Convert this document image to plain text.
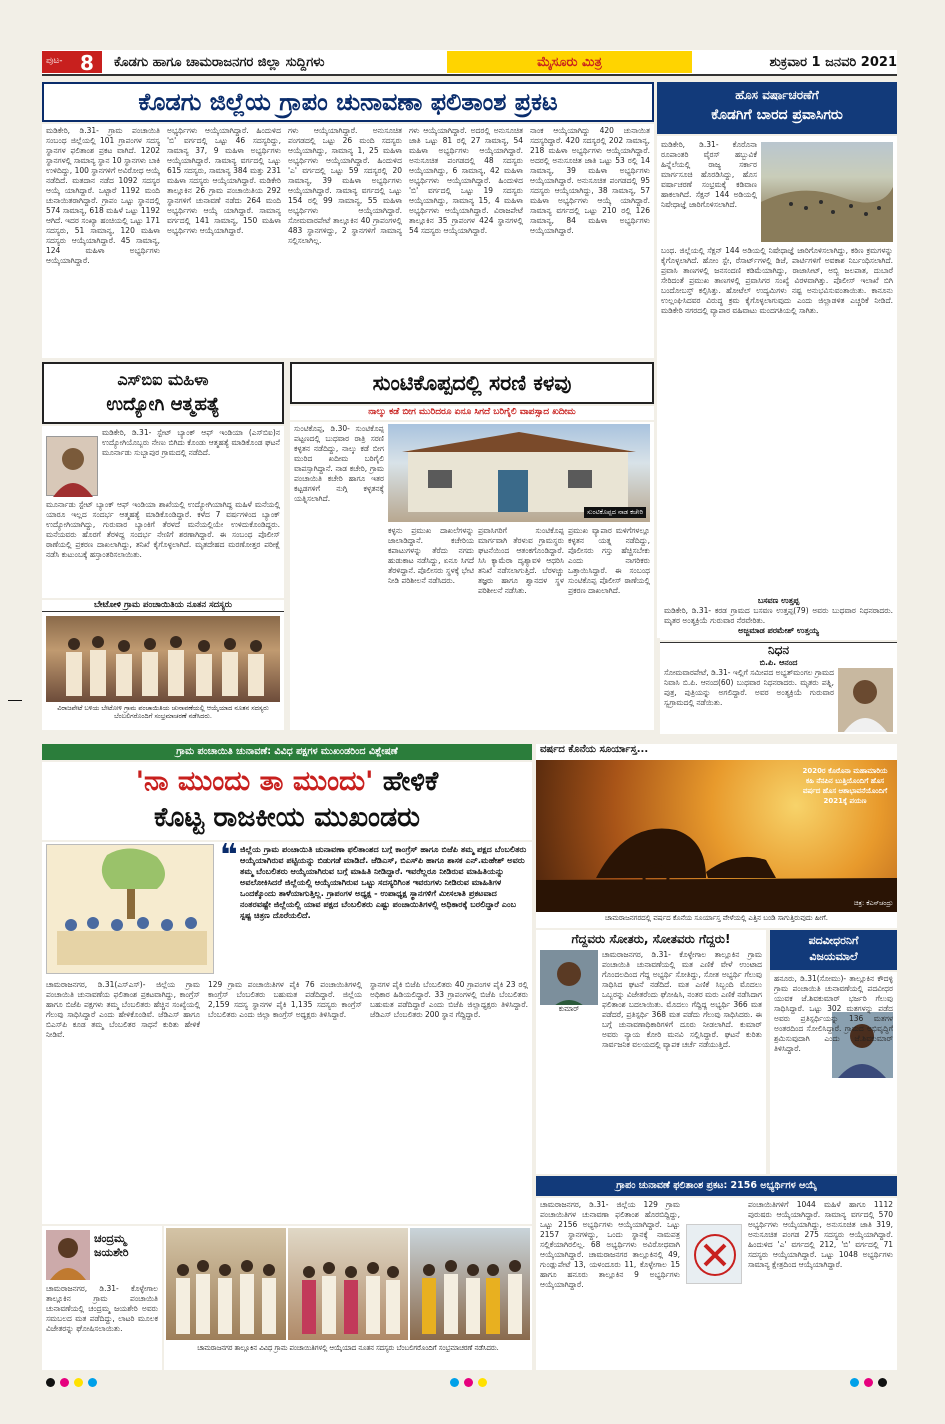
ಪುಟ- 8 ಕೊಡಗು ಹಾಗೂ ಚಾಮರಾಜನಗರ ಜಿಲ್ಲಾ ಸುದ್ದಿಗಳು	ಮೈಸೂರು ಮಿತ್ರ	ಶುಕ್ರವಾರ 1 ಜನವರಿ 2021
ಕೊಡಗು ಜಿಲ್ಲೆಯ ಗ್ರಾಪಂ ಚುನಾವಣಾ ಫಲಿತಾಂಶ ಪ್ರಕಟ

ಮಡಿಕೇರಿ, ಡಿ.31- ಗ್ರಾಮ ಪಂಚಾಯಿತಿ ಸಂಬಂಧ ಜಿಲ್ಲೆಯಲ್ಲಿ 101 ಗ್ರಾಪಂಗಳ ಸದಸ್ಯ ಸ್ಥಾನಗಳ ಫಲಿತಾಂಶ ಪ್ರಕಟ ವಾಗಿದೆ. 1202 ಸ್ಥಾನಗಳಲ್ಲಿ ಸಾಮಾನ್ಯ ಸ್ಥಾನ 10 ಸ್ಥಾನಗಳು ಬಾಕಿ ಉಳಿದಿದ್ದು, 100 ಸ್ಥಾನಗಳಿಗೆ ಅವಿರೋಧ ಆಯ್ಕೆ ನಡೆದಿದೆ. ಮತದಾನ ನಡೆದ 1092 ಸದಸ್ಯರ ಆಯ್ಕೆ ಯಾಗಿದ್ದಾರೆ. ಒಟ್ಟಾರೆ 1192 ಮಂದಿ ಚುನಾಯಿತರಾಗಿದ್ದಾರೆ. ಗ್ರಾಪಂ ಒಟ್ಟು ಸ್ಥಾನದಲ್ಲಿ 574 ಸಾಮಾನ್ಯ, 618 ಮಹಿಳೆ ಒಟ್ಟು 1192 ಆಗಿದೆ. ಇದರ ಸಂಖ್ಯಾ ಹಂಚಿಯಲ್ಲಿ ಒಟ್ಟು 171 ಸದಸ್ಯರು, 51 ಸಾಮಾನ್ಯ, 120 ಮಹಿಳಾ ಸದಸ್ಯರು ಆಯ್ಕೆಯಾಗಿದ್ದಾರೆ. 45 ಸಾಮಾನ್ಯ, 124 ಮಹಿಳಾ ಅಭ್ಯರ್ಥಿಗಳು ಆಯ್ಕೆಯಾಗಿದ್ದಾರೆ.

ಅಭ್ಯರ್ಥಿಗಳು ಆಯ್ಕೆಯಾಗಿದ್ದಾರೆ. ಹಿಂದುಳಿದ 'ಬಿ' ವರ್ಗದಲ್ಲಿ ಒಟ್ಟು 46 ಸದಸ್ಯರಿದ್ದು, ಸಾಮಾನ್ಯ 37, 9 ಮಹಿಳಾ ಅಭ್ಯರ್ಥಿಗಳು ಆಯ್ಕೆಯಾಗಿದ್ದಾರೆ. ಸಾಮಾನ್ಯ ವರ್ಗದಲ್ಲಿ ಒಟ್ಟು 615 ಸದಸ್ಯರು, ಸಾಮಾನ್ಯ 384 ಮತ್ತು 231 ಮಹಿಳಾ ಸದಸ್ಯರು ಆಯ್ಕೆಯಾಗಿದ್ದಾರೆ. ಮಡಿಕೇರಿ ತಾಲ್ಲೂಕಿನ 26 ಗ್ರಾಮ ಪಂಚಾಯಿತಿಯ 292 ಸ್ಥಾನಗಳಿಗೆ ಚುನಾವಣೆ ನಡೆದು 264 ಮಂದಿ ಅಭ್ಯರ್ಥಿಗಳು ಆಯ್ಕೆ ಯಾಗಿದ್ದಾರೆ. ಸಾಮಾನ್ಯ ವರ್ಗದಲ್ಲಿ 141 ಸಾಮಾನ್ಯ, 150 ಮಹಿಳಾ ಅಭ್ಯರ್ಥಿಗಳು ಆಯ್ಕೆಯಾಗಿದ್ದಾರೆ.

ಗಳು ಆಯ್ಕೆಯಾಗಿದ್ದಾರೆ. ಅನುಸೂಚಿತ ಪಂಗಡದಲ್ಲಿ ಒಟ್ಟು 26 ಮಂದಿ ಸದಸ್ಯರು ಆಯ್ಕೆಯಾಗಿದ್ದು, ಸಾಮಾನ್ಯ 1, 25 ಮಹಿಳಾ ಅಭ್ಯರ್ಥಿಗಳು ಆಯ್ಕೆಯಾಗಿದ್ದಾರೆ. ಹಿಂದುಳಿದ 'ಎ' ವರ್ಗದಲ್ಲಿ ಒಟ್ಟು 59 ಸದಸ್ಯರಲ್ಲಿ 20 ಸಾಮಾನ್ಯ, 39 ಮಹಿಳಾ ಅಭ್ಯರ್ಥಿಗಳು ಆಯ್ಕೆಯಾಗಿದ್ದಾರೆ. ಸಾಮಾನ್ಯ ವರ್ಗದಲ್ಲಿ ಒಟ್ಟು 154 ರಲ್ಲಿ 99 ಸಾಮಾನ್ಯ, 55 ಮಹಿಳಾ ಅಭ್ಯರ್ಥಿಗಳು ಆಯ್ಕೆಯಾಗಿದ್ದಾರೆ. ಸೋಮವಾರಪೇಟೆ ತಾಲ್ಲೂಕಿನ 40 ಗ್ರಾಪಂಗಳಲ್ಲಿ 483 ಸ್ಥಾನಗಳಿದ್ದು, 2 ಸ್ಥಾನಗಳಿಗೆ ಸಾಮಾನ್ಯ ಸಲ್ಲಿಸಲಾಗಿಲ್ಲ.

ಗಳು ಆಯ್ಕೆಯಾಗಿದ್ದಾರೆ. ಅದರಲ್ಲಿ ಅನುಸೂಚಿತ ಜಾತಿ ಒಟ್ಟು 81 ರಲ್ಲಿ 27 ಸಾಮಾನ್ಯ, 54 ಮಹಿಳಾ ಅಭ್ಯರ್ಥಿಗಳು ಆಯ್ಕೆಯಾಗಿದ್ದಾರೆ. ಅನುಸೂಚಿತ ಪಂಗಡದಲ್ಲಿ 48 ಸದಸ್ಯರು ಆಯ್ಕೆಯಾಗಿದ್ದು, 6 ಸಾಮಾನ್ಯ, 42 ಮಹಿಳಾ ಅಭ್ಯರ್ಥಿಗಳು ಆಯ್ಕೆಯಾಗಿದ್ದಾರೆ. ಹಿಂದುಳಿದ 'ಬಿ' ವರ್ಗದಲ್ಲಿ ಒಟ್ಟು 19 ಸದಸ್ಯರು ಆಯ್ಕೆಯಾಗಿದ್ದು, ಸಾಮಾನ್ಯ 15, 4 ಮಹಿಳಾ ಅಭ್ಯರ್ಥಿಗಳು ಆಯ್ಕೆಯಾಗಿದ್ದಾರೆ. ವಿರಾಜಪೇಟೆ ತಾಲ್ಲೂಕಿನ 35 ಗ್ರಾಪಂಗಳ 424 ಸ್ಥಾನಗಳಲ್ಲಿ 54 ಸದಸ್ಯರು ಆಯ್ಕೆಯಾಗಿದ್ದಾರೆ.

ನಾಂಕ ಆಯ್ಕೆಯಾಗಿದ್ದು 420 ಚುನಾಯಿತ ಸದಸ್ಯರಿದ್ದಾರೆ. 420 ಸದಸ್ಯರಲ್ಲಿ 202 ಸಾಮಾನ್ಯ, 218 ಮಹಿಳಾ ಅಭ್ಯರ್ಥಿಗಳು ಆಯ್ಕೆಯಾಗಿದ್ದಾರೆ. ಅದರಲ್ಲಿ ಅನುಸೂಚಿತ ಜಾತಿ ಒಟ್ಟು 53 ರಲ್ಲಿ 14 ಸಾಮಾನ್ಯ, 39 ಮಹಿಳಾ ಅಭ್ಯರ್ಥಿಗಳು ಆಯ್ಕೆಯಾಗಿದ್ದಾರೆ. ಅನುಸೂಚಿತ ಪಂಗಡದಲ್ಲಿ 95 ಸದಸ್ಯರು ಆಯ್ಕೆಯಾಗಿದ್ದು, 38 ಸಾಮಾನ್ಯ, 57 ಮಹಿಳಾ ಅಭ್ಯರ್ಥಿಗಳು ಆಯ್ಕೆ ಯಾಗಿದ್ದಾರೆ. ಸಾಮಾನ್ಯ ವರ್ಗದಲ್ಲಿ ಒಟ್ಟು 210 ರಲ್ಲಿ 126 ಸಾಮಾನ್ಯ, 84 ಮಹಿಳಾ ಅಭ್ಯರ್ಥಿಗಳು ಆಯ್ಕೆಯಾಗಿದ್ದಾರೆ.

ಹೊಸ ವರ್ಷಾಚರಣೆಗೆ
ಕೊಡಗಿಗೆ ಬಾರದ ಪ್ರವಾಸಿಗರು

ಮಡಿಕೇರಿ, ಡಿ.31- ಕೊರೊನಾ ರೂಪಾಂತರಿ ವೈರಸ್ ಹಬ್ಬುವಿಕೆ ಹಿನ್ನೆಲೆಯಲ್ಲಿ ರಾಜ್ಯ ಸರ್ಕಾರ ಮಾರ್ಗಸೂಚಿ ಹೊರಡಿಸಿದ್ದು, ಹೊಸ ವರ್ಷಾಚರಣೆ ಸಂಭ್ರಮಕ್ಕೆ ಕಡಿವಾಣ ಹಾಕಲಾಗಿದೆ. ಸೆಕ್ಷನ್ 144 ಅಡಿಯಲ್ಲಿ ನಿಷೇಧಾಜ್ಞೆ ಜಾರಿಗೊಳಿಸಲಾಗಿದೆ.

ಬಂಧ. ಜಿಲ್ಲೆಯಲ್ಲಿ ಸೆಕ್ಷನ್ 144 ಅಡಿಯಲ್ಲಿ ನಿಷೇಧಾಜ್ಞೆ ಜಾರಿಗೊಳಿಸಲಾಗಿದ್ದು, ಕಠಿಣ ಕ್ರಮಗಳನ್ನು ಕೈಗೊಳ್ಳಲಾಗಿದೆ. ಹೋಂ ಸ್ಟೇ, ರೆಸಾರ್ಟ್‌ಗಳಲ್ಲಿ ಡಿಜೆ, ಪಾರ್ಟಿಗಳಿಗೆ ಅವಕಾಶ ನಿರ್ಬಂಧಿಸಲಾಗಿದೆ. ಪ್ರವಾಸಿ ತಾಣಗಳಲ್ಲಿ ಜನಸಂದಣಿ ಕಡಿಮೆಯಾಗಿದ್ದು, ರಾಜಾಸೀಟ್, ಅಬ್ಬಿ ಜಲಪಾತ, ದುಬಾರೆ ಸೇರಿದಂತೆ ಪ್ರಮುಖ ತಾಣಗಳಲ್ಲಿ ಪ್ರವಾಸಿಗರ ಸಂಖ್ಯೆ ವಿರಳವಾಗಿತ್ತು. ಪೊಲೀಸ್ ಇಲಾಖೆ ಬಿಗಿ ಬಂದೋಬಸ್ತ್ ಕಲ್ಪಿಸಿತ್ತು. ಹೋಟೆಲ್ ಉದ್ಯಮಿಗಳು ನಷ್ಟ ಅನುಭವಿಸುವಂತಾಯಿತು. ಕಾನೂನು ಉಲ್ಲಂಘಿಸಿದವರ ವಿರುದ್ಧ ಕ್ರಮ ಕೈಗೊಳ್ಳಲಾಗುವುದು ಎಂದು ಜಿಲ್ಲಾಡಳಿತ ಎಚ್ಚರಿಕೆ ನೀಡಿದೆ. ಮಡಿಕೇರಿ ನಗರದಲ್ಲಿ ವ್ಯಾಪಾರ ವಹಿವಾಟು ಮಂದಗತಿಯಲ್ಲಿ ಸಾಗಿತು.

ಎಸ್‌ಬಿಐ ಮಹಿಳಾ
ಉದ್ಯೋಗಿ ಆತ್ಮಹತ್ಯೆ

ಮಡಿಕೇರಿ, ಡಿ.31- ಸ್ಟೇಟ್ ಬ್ಯಾಂಕ್ ಆಫ್ ಇಂಡಿಯಾ (ಎಸ್‌ಬಿಐ)ನ ಉದ್ಯೋಗಿಯೊಬ್ಬರು ನೇಣು ಬಿಗಿದು ಕೊಂಡು ಆತ್ಮಹತ್ಯೆ ಮಾಡಿಕೊಂಡ ಘಟನೆ ಮೂರ್ನಾಡು ಸುಬ್ಬಾಪುರ ಗ್ರಾಮದಲ್ಲಿ ನಡೆದಿದೆ.

ಮೂರ್ನಾಡು ಸ್ಟೇಟ್ ಬ್ಯಾಂಕ್ ಆಫ್ ಇಂಡಿಯಾ ಶಾಖೆಯಲ್ಲಿ ಉದ್ಯೋಗಿಯಾಗಿದ್ದ ಮಹಿಳೆ ಮನೆಯಲ್ಲಿ ಯಾರೂ ಇಲ್ಲದ ಸಂದರ್ಭ ಆತ್ಮಹತ್ಯೆ ಮಾಡಿಕೊಂಡಿದ್ದಾರೆ. ಕಳೆದ 7 ವರ್ಷಗಳಿಂದ ಬ್ಯಾಂಕ್ ಉದ್ಯೋಗಿಯಾಗಿದ್ದು, ಗುರುವಾರ ಬ್ಯಾಂಕಿಗೆ ತೆರಳದೆ ಮನೆಯಲ್ಲಿಯೇ ಉಳಿದುಕೊಂಡಿದ್ದರು. ಮನೆಯವರು ಹೊರಗೆ ತೆರಳಿದ್ದ ಸಂದರ್ಭ ನೇಣಿಗೆ ಶರಣಾಗಿದ್ದಾರೆ. ಈ ಸಂಬಂಧ ಪೊಲೀಸ್ ಠಾಣೆಯಲ್ಲಿ ಪ್ರಕರಣ ದಾಖಲಾಗಿದ್ದು, ತನಿಖೆ ಕೈಗೊಳ್ಳಲಾಗಿದೆ. ಮೃತದೇಹದ ಮರಣೋತ್ತರ ಪರೀಕ್ಷೆ ನಡೆಸಿ ಕುಟುಂಬಕ್ಕೆ ಹಸ್ತಾಂತರಿಸಲಾಯಿತು.

ಬೇಟೋಳಿ ಗ್ರಾಮ ಪಂಚಾಯಿತಿಯ ನೂತನ ಸದಸ್ಯರು
ವಿರಾಜಪೇಟೆ ಬಳಿಯ ಬೇಟೋಳಿ ಗ್ರಾಮ ಪಂಚಾಯಿತಿಯ ಚುನಾವಣೆಯಲ್ಲಿ ಆಯ್ಕೆಯಾದ ನೂತನ ಸದಸ್ಯರು ಬೆಂಬಲಿಗರೊಂದಿಗೆ ಸಂಭ್ರಮಾಚರಣೆ ನಡೆಸಿದರು.
ಸುಂಟಿಕೊಪ್ಪದಲ್ಲಿ ಸರಣಿ ಕಳವು
ನಾಲ್ಕು ಕಡೆ ಬೀಗ ಮುರಿದರೂ ಏನೂ ಸಿಗದೆ ಬರಿಗೈಲಿ ವಾಪಸ್ಸಾದ ಖದೀಮ

ಸುಂಟಿಕೊಪ್ಪ, ಡಿ.30- ಸುಂಟಿಕೊಪ್ಪ ಪಟ್ಟಣದಲ್ಲಿ ಬುಧವಾರ ರಾತ್ರಿ ಸರಣಿ ಕಳ್ಳತನ ನಡೆದಿದ್ದು, ನಾಲ್ಕು ಕಡೆ ಬೀಗ ಮುರಿದ ಖದೀಮ ಬರಿಗೈಲಿ ವಾಪಸ್ಸಾಗಿದ್ದಾನೆ. ನಾಡ ಕಚೇರಿ, ಗ್ರಾಮ ಪಂಚಾಯಿತಿ ಕಚೇರಿ ಹಾಗೂ ಇತರ ಕಟ್ಟಡಗಳಿಗೆ ನುಗ್ಗಿ ಕಳ್ಳತನಕ್ಕೆ ಯತ್ನಿಸಲಾಗಿದೆ.

ಸುಂಟಿಕೊಪ್ಪದ ನಾಡ ಕಚೇರಿ

ಕಳ್ಳನು ಪ್ರಮುಖ ದಾಖಲೆಗಳನ್ನು ಜಾಲಾಡಿದ್ದಾನೆ. ಕಚೇರಿಯ ಕಪಾಟುಗಳನ್ನು ತೆರೆದು ನಗದು ಹುಡುಕಾಟ ನಡೆಸಿದ್ದು, ಏನೂ ಸಿಗದೆ ತೆರಳಿದ್ದಾನೆ. ಪೊಲೀಸರು ಸ್ಥಳಕ್ಕೆ ಭೇಟಿ ನೀಡಿ ಪರಿಶೀಲನೆ ನಡೆಸಿದರು.

ಪ್ರವಾಸಿಗರಿಗೆ ಸುಂಟಿಕೊಪ್ಪ ಮಾರ್ಗವಾಗಿ ತೆರಳುವ ಗ್ರಾಮಸ್ಥರು ಘಟನೆಯಿಂದ ಆತಂಕಗೊಂಡಿದ್ದಾರೆ. ಸಿಸಿ ಕ್ಯಾಮೆರಾ ದೃಶ್ಯಾವಳಿ ಆಧರಿಸಿ ತನಿಖೆ ನಡೆಸಲಾಗುತ್ತಿದೆ. ಬೆರಳಚ್ಚು ತಜ್ಞರು ಹಾಗೂ ಶ್ವಾನದಳ ಸ್ಥಳ ಪರಿಶೀಲನೆ ನಡೆಸಿತು.

ಪ್ರಮುಖ ವ್ಯಾಪಾರ ಮಳಿಗೆಗಳಲ್ಲೂ ಕಳ್ಳತನ ಯತ್ನ ನಡೆದಿದ್ದು, ಪೊಲೀಸರು ಗಸ್ತು ಹೆಚ್ಚಿಸಬೇಕು ಎಂದು ನಾಗರಿಕರು ಒತ್ತಾಯಿಸಿದ್ದಾರೆ. ಈ ಸಂಬಂಧ ಸುಂಟಿಕೊಪ್ಪ ಪೊಲೀಸ್ ಠಾಣೆಯಲ್ಲಿ ಪ್ರಕರಣ ದಾಖಲಾಗಿದೆ.

ನಿಧನ
ಬಿ.ಪಿ. ಆನಂದ

ಸೋಮವಾರಪೇಟೆ, ಡಿ.31- ಇಲ್ಲಿಗೆ ಸಮೀಪದ ಅಭ್ಯತ್‌ಮಂಗಲ ಗ್ರಾಮದ ನಿವಾಸಿ ಬಿ.ಪಿ. ಆನಂದ(60) ಬುಧವಾರ ನಿಧನರಾದರು. ಮೃತರು ಪತ್ನಿ, ಪುತ್ರ, ಪುತ್ರಿಯನ್ನು ಅಗಲಿದ್ದಾರೆ. ಅವರ ಅಂತ್ಯಕ್ರಿಯೆ ಗುರುವಾರ ಸ್ವಗ್ರಾಮದಲ್ಲಿ ನಡೆಯಿತು.

ಬಸವಣ ಉತ್ತಪ್ಪ

ಮಡಿಕೇರಿ, ಡಿ.31- ಕರಡ ಗ್ರಾಮದ ಬಸವಣ ಉತ್ತಪ್ಪ(79) ಅವರು ಬುಧವಾರ ನಿಧನರಾದರು. ಮೃತರ ಅಂತ್ಯಕ್ರಿಯೆ ಗುರುವಾರ ನೆರವೇರಿತು.

ಅಜ್ಜಮಾಡ ಪರಮೇಶ್ ಉತ್ತಯ್ಯ
ಗ್ರಾಮ ಪಂಚಾಯಿತಿ ಚುನಾವಣೆ: ವಿವಿಧ ಪಕ್ಷಗಳ ಮುಖಂಡರಿಂದ ವಿಶ್ಲೇಷಣೆ
'ನಾ ಮುಂದು ತಾ ಮುಂದು' ಹೇಳಿಕೆ
ಕೊಟ್ಟ ರಾಜಕೀಯ ಮುಖಂಡರು
❝ ಜಿಲ್ಲೆಯ ಗ್ರಾಮ ಪಂಚಾಯಿತಿ ಚುನಾವಣಾ ಫಲಿತಾಂಶದ ಬಗ್ಗೆ ಕಾಂಗ್ರೆಸ್ ಹಾಗೂ ಬಿಜೆಪಿ ತಮ್ಮ ಪಕ್ಷದ ಬೆಂಬಲಿತರು ಆಯ್ಕೆಯಾಗಿರುವ ಪಟ್ಟಿಯನ್ನು ಬಿಡುಗಡೆ ಮಾಡಿದೆ. ಜೆಡಿಎಸ್, ಬಿಎಸ್‌ಪಿ ಹಾಗೂ ಶಾಸಕ ಎನ್.ಮಹೇಶ್ ಅವರು ತಮ್ಮ ಬೆಂಬಲಿತರು ಆಯ್ಕೆಯಾಗಿರುವ ಬಗ್ಗೆ ಮಾಹಿತಿ ನೀಡಿದ್ದಾರೆ. ಇವರೆಲ್ಲರೂ ನೀಡಿರುವ ಮಾಹಿತಿಯನ್ನು ಅವಲೋಕಿಸಿದರೆ ಜಿಲ್ಲೆಯಲ್ಲಿ ಆಯ್ಕೆಯಾಗಿರುವ ಒಟ್ಟು ಸದಸ್ಯರಿಗಿಂತ ಇವರುಗಳು ನೀಡಿರುವ ಮಾಹಿತಿಗಳ ಒಂದಕ್ಕೊಂದು ತಾಳೆಯಾಗುತ್ತಿಲ್ಲ. ಗ್ರಾಪಂಗಳ ಅಧ್ಯಕ್ಷ - ಉಪಾಧ್ಯಕ್ಷ ಸ್ಥಾನಗಳಿಗೆ ಮೀಸಲಾತಿ ಪ್ರಕಟವಾದ ನಂತರವಷ್ಟೇ ಜಿಲ್ಲೆಯಲ್ಲಿ ಯಾವ ಪಕ್ಷದ ಬೆಂಬಲಿತರು ಎಷ್ಟು ಪಂಚಾಯಿತಿಗಳಲ್ಲಿ ಅಧಿಕಾರಕ್ಕೆ ಬರಲಿದ್ದಾರೆ ಎಂಬ ಸ್ಪಷ್ಟ ಚಿತ್ರಣ ದೊರೆಯಲಿದೆ.

ಚಾಮರಾಜನಗರ, ಡಿ.31(ಎಸ್‌ಎಸ್)- ಜಿಲ್ಲೆಯ ಗ್ರಾಮ ಪಂಚಾಯಿತಿ ಚುನಾವಣೆಯ ಫಲಿತಾಂಶ ಪ್ರಕಟವಾಗಿದ್ದು, ಕಾಂಗ್ರೆಸ್ ಹಾಗೂ ಬಿಜೆಪಿ ಪಕ್ಷಗಳು ತಮ್ಮ ಬೆಂಬಲಿತರು ಹೆಚ್ಚಿನ ಸಂಖ್ಯೆಯಲ್ಲಿ ಗೆಲುವು ಸಾಧಿಸಿದ್ದಾರೆ ಎಂದು ಹೇಳಿಕೊಂಡಿವೆ. ಜೆಡಿಎಸ್ ಹಾಗೂ ಬಿಎಸ್‌ಪಿ ಕೂಡ ತಮ್ಮ ಬೆಂಬಲಿತರ ಸಾಧನೆ ಕುರಿತು ಹೇಳಿಕೆ ನೀಡಿವೆ.

129 ಗ್ರಾಮ ಪಂಚಾಯಿತಿಗಳ ಪೈಕಿ 76 ಪಂಚಾಯಿತಿಗಳಲ್ಲಿ ಕಾಂಗ್ರೆಸ್ ಬೆಂಬಲಿತರು ಬಹುಮತ ಪಡೆದಿದ್ದಾರೆ. ಜಿಲ್ಲೆಯ 2,159 ಸದಸ್ಯ ಸ್ಥಾನಗಳ ಪೈಕಿ 1,135 ಸದಸ್ಯರು ಕಾಂಗ್ರೆಸ್ ಬೆಂಬಲಿತರು ಎಂದು ಜಿಲ್ಲಾ ಕಾಂಗ್ರೆಸ್ ಅಧ್ಯಕ್ಷರು ತಿಳಿಸಿದ್ದಾರೆ.

ಸ್ಥಾನಗಳ ಪೈಕಿ ಬಿಜೆಪಿ ಬೆಂಬಲಿತರು 40 ಗ್ರಾಪಂಗಳ ಪೈಕಿ 23 ರಲ್ಲಿ ಅಧಿಕಾರ ಹಿಡಿಯಲಿದ್ದಾರೆ. 33 ಗ್ರಾಪಂಗಳಲ್ಲಿ ಬಿಜೆಪಿ ಬೆಂಬಲಿತರು ಬಹುಮತ ಪಡೆದಿದ್ದಾರೆ ಎಂದು ಬಿಜೆಪಿ ಜಿಲ್ಲಾಧ್ಯಕ್ಷರು ತಿಳಿಸಿದ್ದಾರೆ. ಜೆಡಿಎಸ್ ಬೆಂಬಲಿತರು 200 ಸ್ಥಾನ ಗೆದ್ದಿದ್ದಾರೆ.

ವರ್ಷದ ಕೊನೆಯ ಸೂರ್ಯಾಸ್ತ...
2020ರ ಕೊರೊನಾ ಮಹಾಮಾರಿಯ ಕಹಿ ನೆನಪಿನ ಬುತ್ತಿಯೊಂದಿಗೆ ಹೊಸ ವರ್ಷದ ಹೊಸ ಆಶಾಭಾವನೆಯೊಂದಿಗೆ 2021ಕ್ಕೆ ಪಯಣ
ಚಿತ್ರ: ಕೆಎಸ್‌ಚಂದ್ರು
ಚಾಮರಾಜನಗರದಲ್ಲಿ ವರ್ಷದ ಕೊನೆಯ ಸೂರ್ಯಾಸ್ತ ವೇಳೆಯಲ್ಲಿ ಎತ್ತಿನ ಬಂಡಿ ಸಾಗುತ್ತಿರುವುದು ಹೀಗೆ.
ಗೆದ್ದವರು ಸೋತರು, ಸೋತವರು ಗೆದ್ದರು!
ಕುಮಾರ್

ಚಾಮರಾಜನಗರ, ಡಿ.31- ಕೊಳ್ಳೇಗಾಲ ತಾಲ್ಲೂಕಿನ ಗ್ರಾಮ ಪಂಚಾಯಿತಿ ಚುನಾವಣೆಯಲ್ಲಿ ಮತ ಎಣಿಕೆ ವೇಳೆ ಉಂಟಾದ ಗೊಂದಲದಿಂದ ಗೆದ್ದ ಅಭ್ಯರ್ಥಿ ಸೋತಿದ್ದು, ಸೋತ ಅಭ್ಯರ್ಥಿ ಗೆಲುವು ಸಾಧಿಸಿದ ಘಟನೆ ನಡೆದಿದೆ. ಮತ ಎಣಿಕೆ ಸಿಬ್ಬಂದಿ ಮೊದಲು ಒಬ್ಬರನ್ನು ವಿಜೇತರೆಂದು ಘೋಷಿಸಿ, ನಂತರ ಮರು ಎಣಿಕೆ ನಡೆಸಿದಾಗ ಫಲಿತಾಂಶ ಬದಲಾಯಿತು. ಮೊದಲು ಗೆದ್ದಿದ್ದ ಅಭ್ಯರ್ಥಿ 366 ಮತ ಪಡೆದರೆ, ಪ್ರತಿಸ್ಪರ್ಧಿ 368 ಮತ ಪಡೆದು ಗೆಲುವು ಸಾಧಿಸಿದರು. ಈ ಬಗ್ಗೆ ಚುನಾವಣಾಧಿಕಾರಿಗಳಿಗೆ ದೂರು ನೀಡಲಾಗಿದೆ. ಕುಮಾರ್ ಅವರು ನ್ಯಾಯ ಕೋರಿ ಮನವಿ ಸಲ್ಲಿಸಿದ್ದಾರೆ. ಘಟನೆ ಕುರಿತು ಸಾರ್ವಜನಿಕ ವಲಯದಲ್ಲಿ ವ್ಯಾಪಕ ಚರ್ಚೆ ನಡೆಯುತ್ತಿದೆ.

ಪದವೀಧರನಿಗೆ
ವಿಜಯಮಾಲೆ

ಹನೂರು, ಡಿ.31(ಸೋಮು)- ತಾಲ್ಲೂಕಿನ ಕೌದಳ್ಳಿ ಗ್ರಾಮ ಪಂಚಾಯಿತಿ ಚುನಾವಣೆಯಲ್ಲಿ ಪದವೀಧರ ಯುವಕ ಜೆ.ಶಿವಕುಮಾರ್ ಭರ್ಜರಿ ಗೆಲುವು ಸಾಧಿಸಿದ್ದಾರೆ. ಒಟ್ಟು 302 ಮತಗಳನ್ನು ಪಡೆದ ಅವರು ಪ್ರತಿಸ್ಪರ್ಧಿಯನ್ನು 136 ಮತಗಳ ಅಂತರದಿಂದ ಸೋಲಿಸಿದ್ದಾರೆ. ಗ್ರಾಮದ ಅಭಿವೃದ್ಧಿಗೆ ಶ್ರಮಿಸುವುದಾಗಿ ಎಂದು ಜೆ.ಶಿವಕುಮಾರ್ ತಿಳಿಸಿದ್ದಾರೆ.

ಗ್ರಾಪಂ ಚುನಾವಣೆ ಫಲಿತಾಂಶ ಪ್ರಕಟ: 2156 ಅಭ್ಯರ್ಥಿಗಳ ಆಯ್ಕೆ

ಚಾಮರಾಜನಗರ, ಡಿ.31- ಜಿಲ್ಲೆಯ 129 ಗ್ರಾಮ ಪಂಚಾಯಿತಿಗಳ ಚುನಾವಣಾ ಫಲಿತಾಂಶ ಹೊರಬಿದ್ದಿದ್ದು, ಒಟ್ಟು 2156 ಅಭ್ಯರ್ಥಿಗಳು ಆಯ್ಕೆಯಾಗಿದ್ದಾರೆ. ಒಟ್ಟು 2157 ಸ್ಥಾನಗಳಿದ್ದು, ಒಂದು ಸ್ಥಾನಕ್ಕೆ ನಾಮಪತ್ರ ಸಲ್ಲಿಕೆಯಾಗಿರಲಿಲ್ಲ. 68 ಅಭ್ಯರ್ಥಿಗಳು ಅವಿರೋಧವಾಗಿ ಆಯ್ಕೆಯಾಗಿದ್ದಾರೆ. ಚಾಮರಾಜನಗರ ತಾಲ್ಲೂಕಿನಲ್ಲಿ 49, ಗುಂಡ್ಲುಪೇಟೆ 13, ಯಳಂದೂರು 11, ಕೊಳ್ಳೇಗಾಲ 15 ಹಾಗೂ ಹನೂರು ತಾಲ್ಲೂಕಿನ 9 ಅಭ್ಯರ್ಥಿಗಳು ಆಯ್ಕೆಯಾಗಿದ್ದಾರೆ.

ಪಂಚಾಯಿತಿಗಳಿಗೆ 1044 ಮಹಿಳೆ ಹಾಗೂ 1112 ಪುರುಷರು ಆಯ್ಕೆಯಾಗಿದ್ದಾರೆ. ಸಾಮಾನ್ಯ ವರ್ಗದಲ್ಲಿ 570 ಅಭ್ಯರ್ಥಿಗಳು ಆಯ್ಕೆಯಾಗಿದ್ದು, ಅನುಸೂಚಿತ ಜಾತಿ 319, ಅನುಸೂಚಿತ ಪಂಗಡ 275 ಸದಸ್ಯರು ಆಯ್ಕೆಯಾಗಿದ್ದಾರೆ. ಹಿಂದುಳಿದ 'ಎ' ವರ್ಗದಲ್ಲಿ 212, 'ಬಿ' ವರ್ಗದಲ್ಲಿ 71 ಸದಸ್ಯರು ಆಯ್ಕೆಯಾಗಿದ್ದಾರೆ. ಒಟ್ಟು 1048 ಅಭ್ಯರ್ಥಿಗಳು ಸಾಮಾನ್ಯ ಕ್ಷೇತ್ರದಿಂದ ಆಯ್ಕೆಯಾಗಿದ್ದಾರೆ.

ಚಂದ್ರಮ್ಮ
ಜಯಶೇರಿ

ಚಾಮರಾಜನಗರ, ಡಿ.31- ಕೊಳ್ಳೇಗಾಲ ತಾಲ್ಲೂಕಿನ ಗ್ರಾಮ ಪಂಚಾಯಿತಿ ಚುನಾವಣೆಯಲ್ಲಿ ಚಂದ್ರಮ್ಮ ಜಯಶೇರಿ ಅವರು ಸಮಬಲದ ಮತ ಪಡೆದಿದ್ದು, ಲಾಟರಿ ಮೂಲಕ ವಿಜೇತರನ್ನು ಘೋಷಿಸಲಾಯಿತು.

ಚಾಮರಾಜನಗರ ತಾಲ್ಲೂಕಿನ ವಿವಿಧ ಗ್ರಾಮ ಪಂಚಾಯಿತಿಗಳಲ್ಲಿ ಆಯ್ಕೆಯಾದ ನೂತನ ಸದಸ್ಯರು ಬೆಂಬಲಿಗರೊಂದಿಗೆ ಸಂಭ್ರಮಾಚರಣೆ ನಡೆಸಿದರು.
